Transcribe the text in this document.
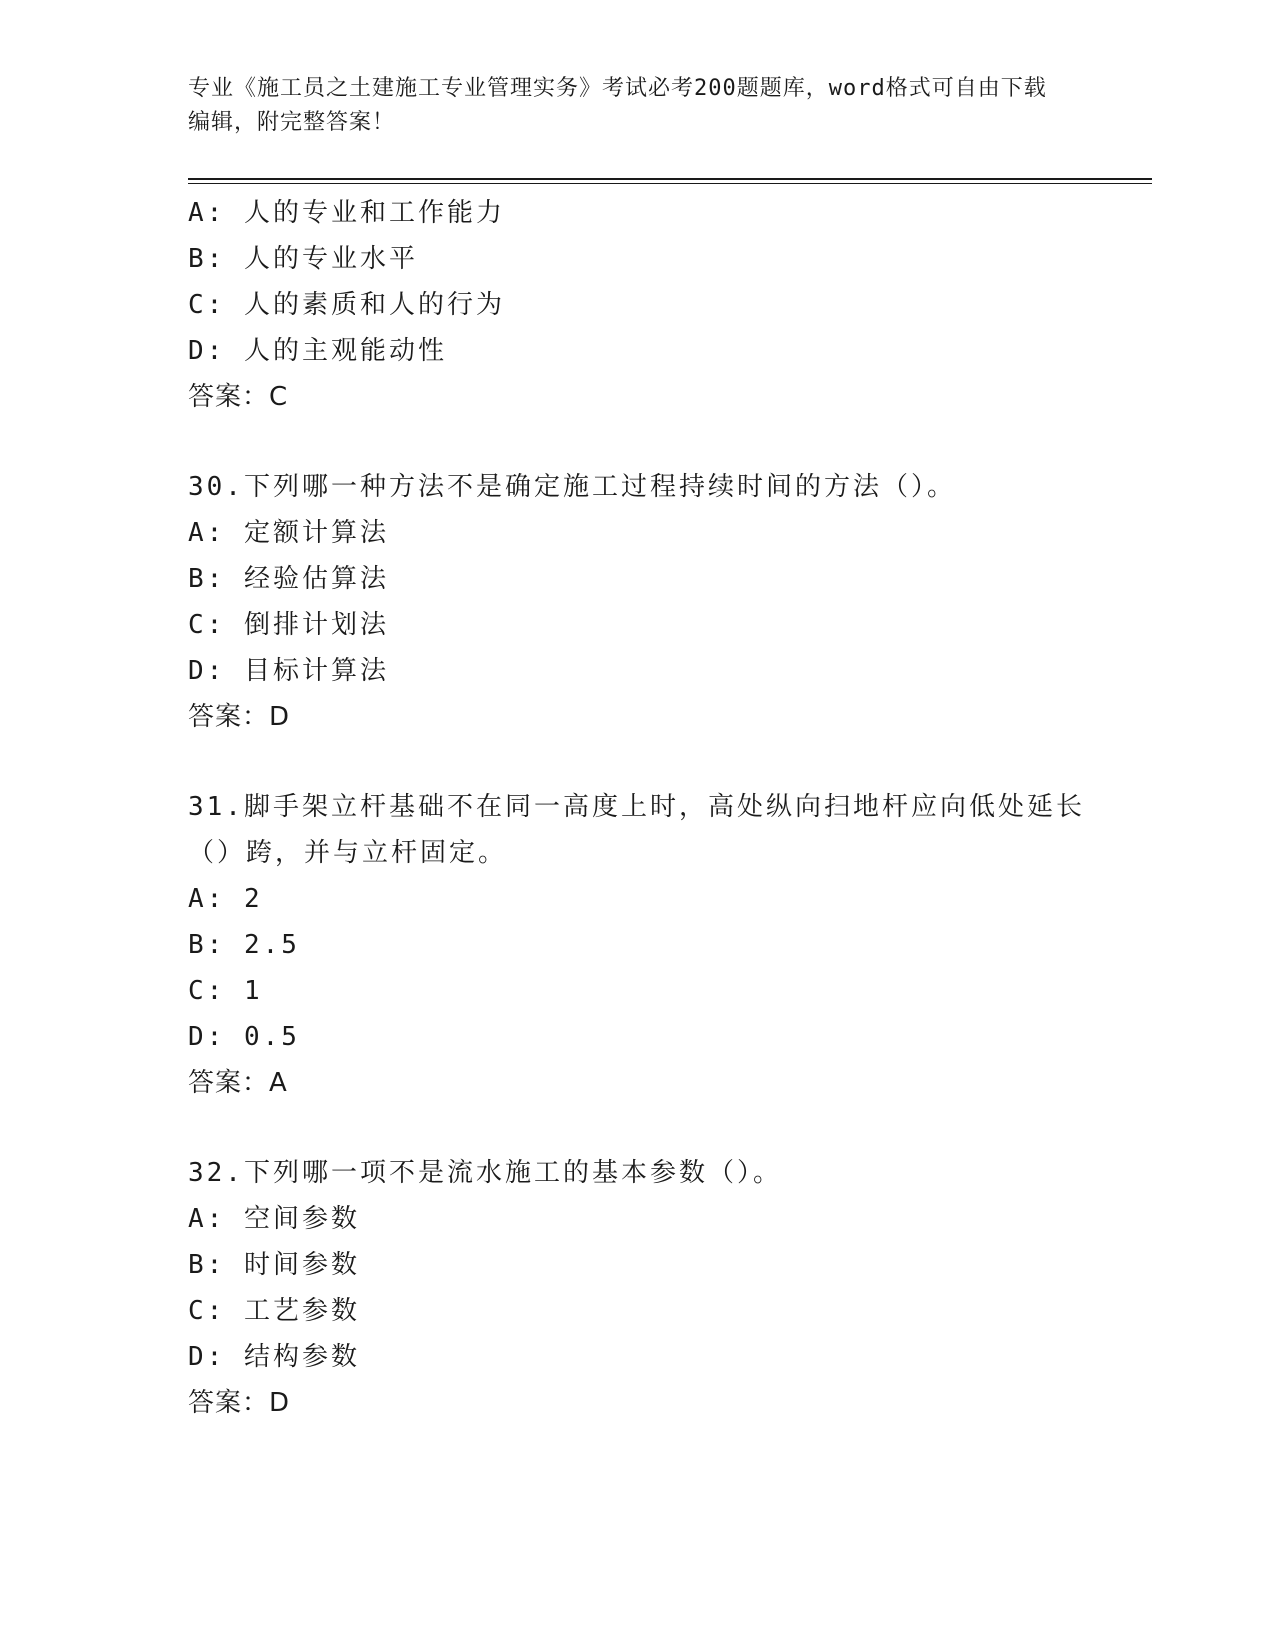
专业《施工员之土建施工专业管理实务》考试必考200题题库，word格式可自由下载编辑，附完整答案！
A: 人的专业和工作能力
B: 人的专业水平
C: 人的素质和人的行为
D: 人的主观能动性
答案：C
30.下列哪一种方法不是确定施工过程持续时间的方法（）。
A: 定额计算法
B: 经验估算法
C: 倒排计划法
D: 目标计算法
答案：D
31.脚手架立杆基础不在同一高度上时，高处纵向扫地杆应向低处延长（）跨，并与立杆固定。
A: 2
B: 2.5
C: 1
D: 0.5
答案：A
32.下列哪一项不是流水施工的基本参数（）。
A: 空间参数
B: 时间参数
C: 工艺参数
D: 结构参数
答案：D
